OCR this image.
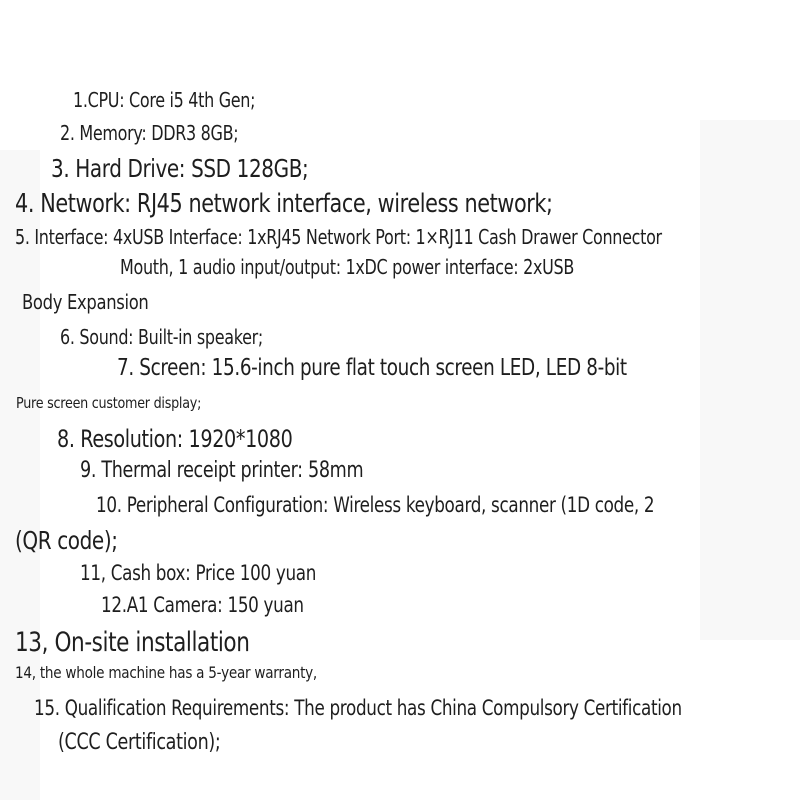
1.CPU: Core i5 4th Gen;
2. Memory: DDR3 8GB;
3. Hard Drive: SSD 128GB;
4. Network: RJ45 network interface, wireless network;
5. Interface: 4xUSB Interface: 1xRJ45 Network Port: 1×RJ11 Cash Drawer Connector
Mouth, 1 audio input/output: 1xDC power interface: 2xUSB
Body Expansion
6. Sound: Built-in speaker;
7. Screen: 15.6-inch pure flat touch screen LED, LED 8-bit
Pure screen customer display;
8. Resolution: 1920*1080
9. Thermal receipt printer: 58mm
10. Peripheral Configuration: Wireless keyboard, scanner (1D code, 2
(QR code);
11, Cash box: Price 100 yuan
12.A1 Camera: 150 yuan
13, On-site installation
14, the whole machine has a 5-year warranty,
15. Qualification Requirements: The product has China Compulsory Certification
(CCC Certification);
